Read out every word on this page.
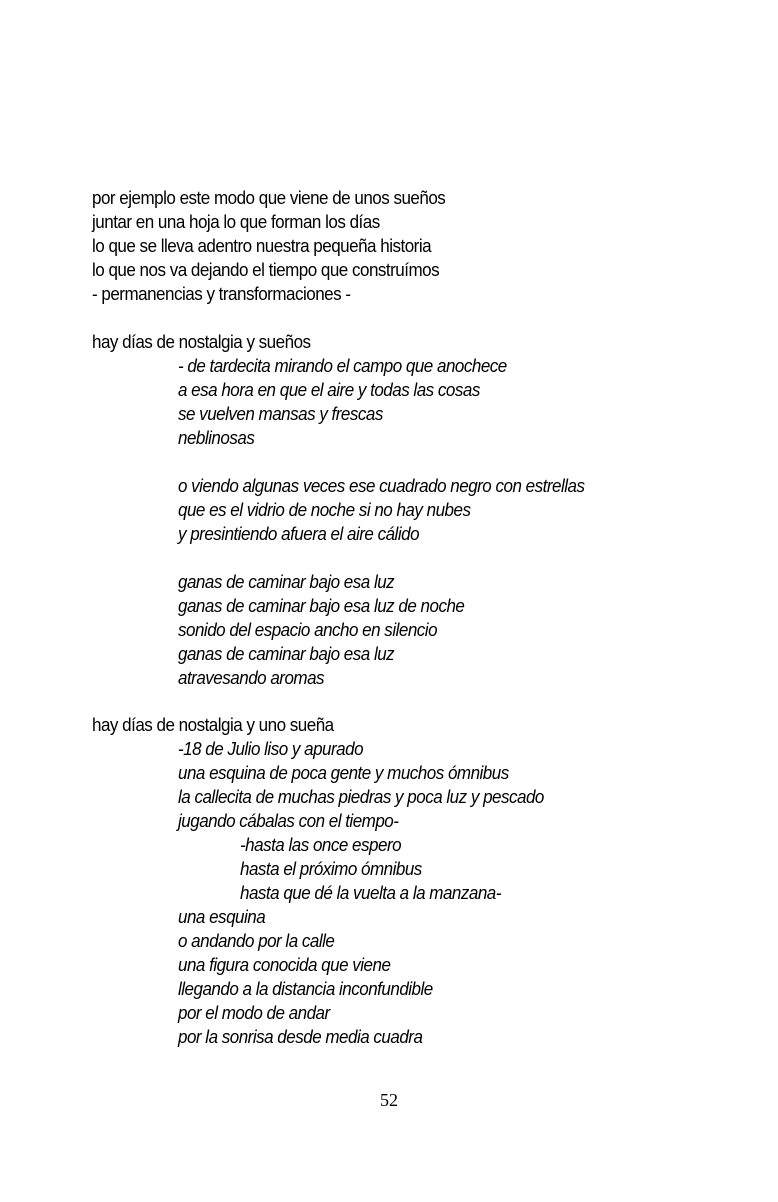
por ejemplo este modo que viene de unos sueños
juntar en una hoja lo que forman los días
lo que se lleva adentro nuestra pequeña historia
lo que nos va dejando el tiempo que construímos
- permanencias y transformaciones -
hay días de nostalgia y sueños
- de tardecita mirando el campo que anochece
a esa hora en que el aire y todas las cosas
se vuelven mansas y frescas
neblinosas
o viendo algunas veces ese cuadrado negro con estrellas
que es el vidrio de noche si no hay nubes
y presintiendo afuera el aire cálido
ganas de caminar bajo esa luz
ganas de caminar bajo esa luz de noche
sonido del espacio ancho en silencio
ganas de caminar bajo esa luz
atravesando aromas
hay días de nostalgia y uno sueña
-18 de Julio liso y apurado
una esquina de poca gente y muchos ómnibus
la callecita de muchas piedras y poca luz y pescado
jugando cábalas con el tiempo-
-hasta las once espero
hasta el próximo ómnibus
hasta que dé la vuelta a la manzana-
una esquina
o andando por la calle
una figura conocida que viene
llegando a la distancia inconfundible
por el modo de andar
por la sonrisa desde media cuadra
52
